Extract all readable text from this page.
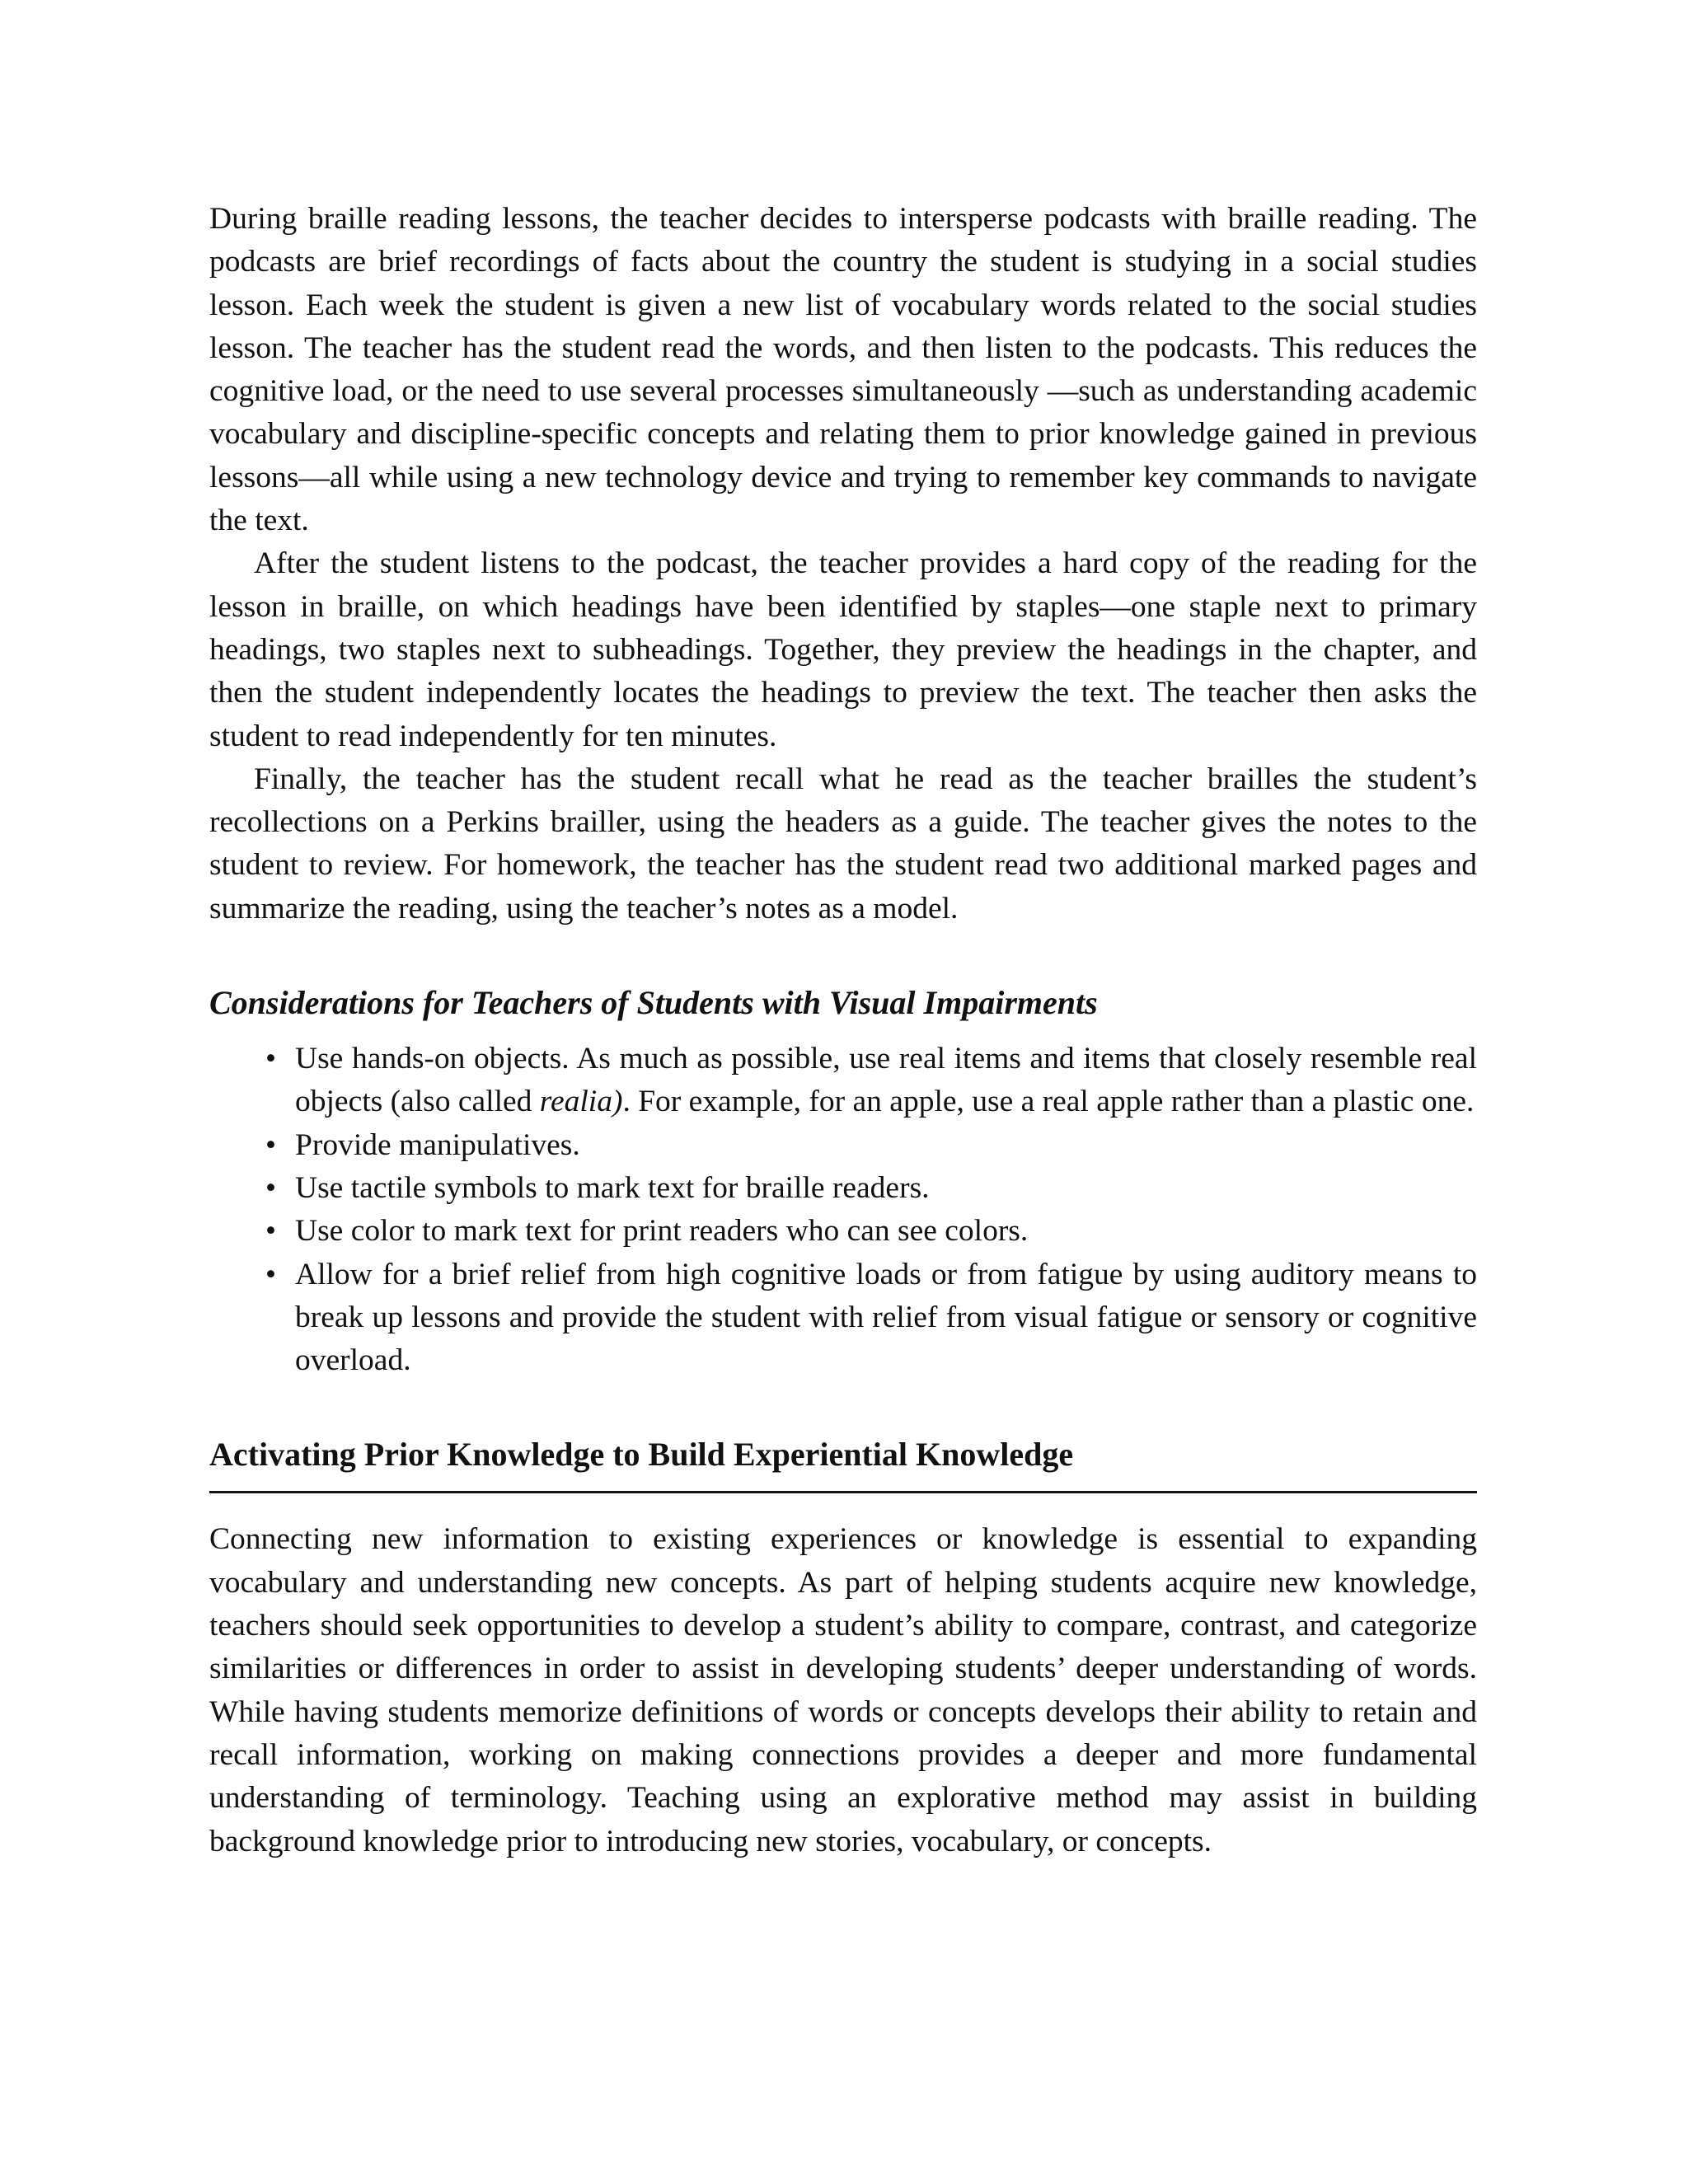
During braille reading lessons, the teacher decides to intersperse podcasts with braille reading. The podcasts are brief recordings of facts about the country the student is studying in a social studies lesson. Each week the student is given a new list of vocabulary words related to the social studies lesson. The teacher has the student read the words, and then listen to the podcasts. This reduces the cognitive load, or the need to use several processes simultaneously —such as understanding academic vocabulary and discipline-specific concepts and relating them to prior knowledge gained in previous lessons—all while using a new technology device and trying to remember key commands to navigate the text.

After the student listens to the podcast, the teacher provides a hard copy of the reading for the lesson in braille, on which headings have been identified by staples—one staple next to primary headings, two staples next to subheadings. Together, they preview the headings in the chapter, and then the student independently locates the headings to preview the text. The teacher then asks the student to read independently for ten minutes.

Finally, the teacher has the student recall what he read as the teacher brailles the student’s recollections on a Perkins brailler, using the headers as a guide. The teacher gives the notes to the student to review. For homework, the teacher has the student read two additional marked pages and summarize the reading, using the teacher’s notes as a model.

Considerations for Teachers of Students with Visual Impairments
• Use hands-on objects. As much as possible, use real items and items that closely resemble real objects (also called realia). For example, for an apple, use a real apple rather than a plastic one.
• Provide manipulatives.
• Use tactile symbols to mark text for braille readers.
• Use color to mark text for print readers who can see colors.
• Allow for a brief relief from high cognitive loads or from fatigue by using auditory means to break up lessons and provide the student with relief from visual fatigue or sensory or cognitive overload.
Activating Prior Knowledge to Build Experiential Knowledge

Connecting new information to existing experiences or knowledge is essential to expanding vocabulary and understanding new concepts. As part of helping students acquire new knowledge, teachers should seek opportunities to develop a student’s ability to compare, contrast, and categorize similarities or differences in order to assist in developing students’ deeper understanding of words. While having students memorize definitions of words or concepts develops their ability to retain and recall information, working on making connections provides a deeper and more fundamental understanding of terminology. Teaching using an explorative method may assist in building background knowledge prior to introducing new stories, vocabulary, or concepts.
